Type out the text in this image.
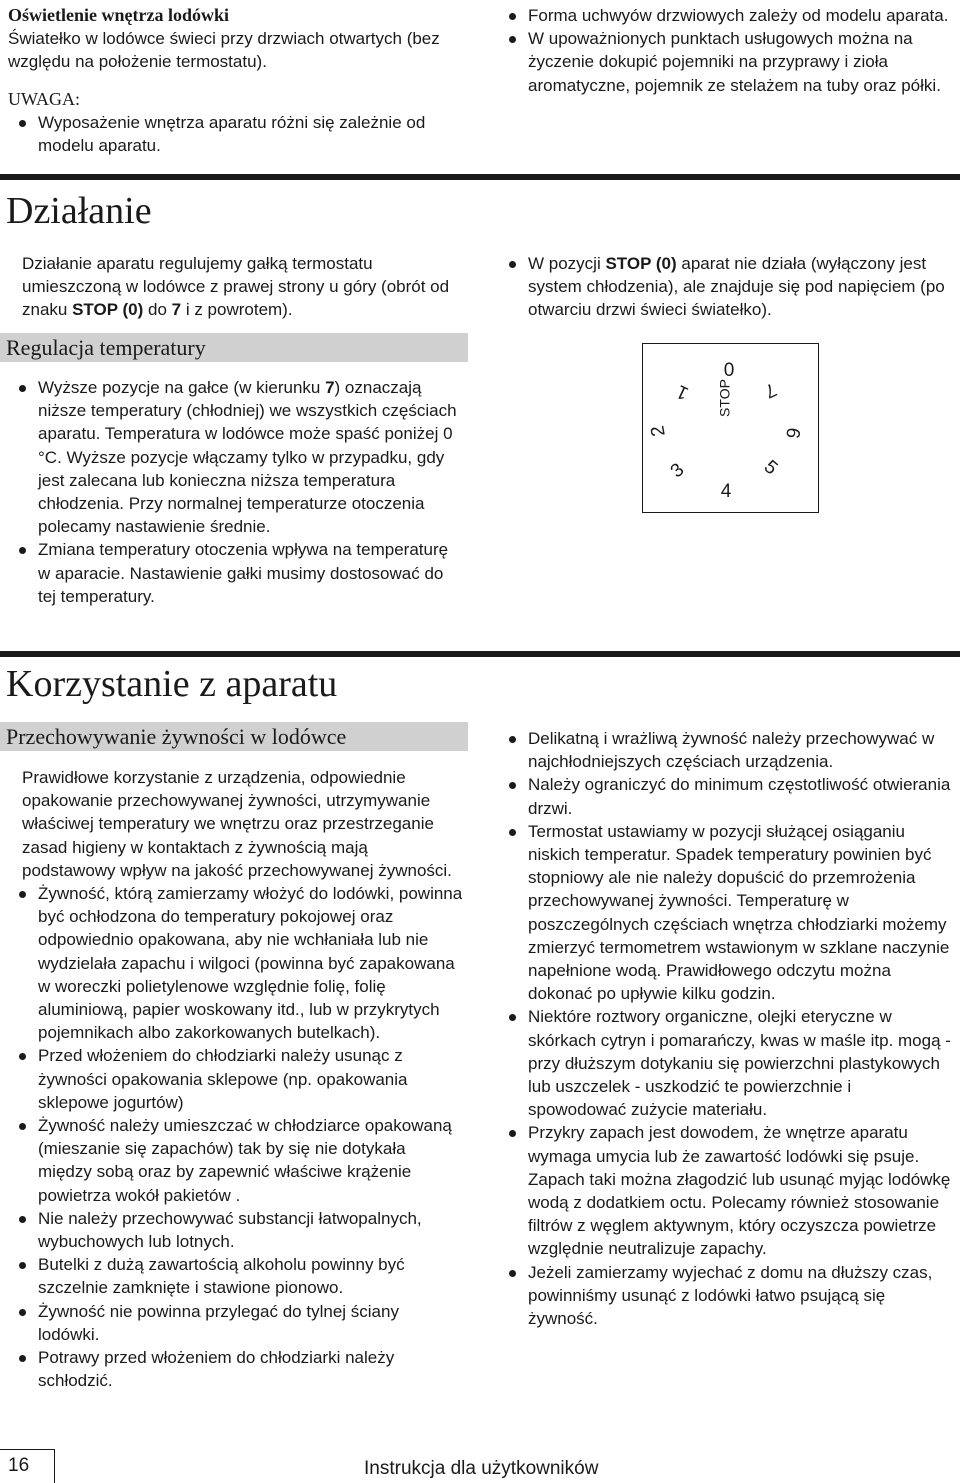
Oświetlenie wnętrza lodówki

Światełko w lodówce świeci przy drzwiach otwartych (bez względu na położenie termostatu).

UWAGA:
Wyposażenie wnętrza aparatu różni się zależnie od modelu aparatu.
Forma uchwyów drzwiowych zależy od modelu aparata.
W upoważnionych punktach usługowych można na życzenie dokupić pojemniki na przyprawy i zioła aromatyczne, pojemnik ze stelażem na tuby oraz półki.
Działanie

Działanie aparatu regulujemy gałką termostatu umieszczoną w lodówce z prawej strony u góry (obrót od znaku STOP (0) do 7 i z powrotem).

W pozycji STOP (0) aparat nie działa (wyłączony jest system chłodzenia), ale znajduje się pod napięciem (po otwarciu drzwi świeci światełko).
Regulacja temperatury
Wyższe pozycje na gałce (w kierunku 7) oznaczają niższe temperatury (chłodniej) we wszystkich częściach aparatu. Temperatura w lodówce może spaść poniżej 0 °C. Wyższe pozycje włączamy tylko w przypadku, gdy jest zalecana lub konieczna niższa temperatura chłodzenia. Przy normalnej temperaturze otoczenia polecamy nastawienie średnie.
Zmiana temperatury otoczenia wpływa na temperaturę w aparacie. Nastawienie gałki musimy dostosować do tej temperatury.
0
STOP 7
6
5
4
3
2
1
Korzystanie z aparatu
Przechowywanie żywności w lodówce

Prawidłowe korzystanie z urządzenia, odpowiednie opakowanie przechowywanej żywności, utrzymywanie właściwej temperatury we wnętrzu oraz przestrzeganie zasad higieny w kontaktach z żywnością mają podstawowy wpływ na jakość przechowywanej żywności.

Żywność, którą zamierzamy włożyć do lodówki, powinna być ochłodzona do temperatury pokojowej oraz odpowiednio opakowana, aby nie wchłaniała lub nie wydzielała zapachu i wilgoci (powinna być zapakowana w woreczki polietylenowe względnie folię, folię aluminiową, papier woskowany itd., lub w przykrytych pojemnikach albo zakorkowanych butelkach).
Przed włożeniem do chłodziarki należy usunąc z żywności opakowania sklepowe (np. opakowania sklepowe jogurtów)
Żywność należy umieszczać w chłodziarce opakowaną (mieszanie się zapachów) tak by się nie dotykała między sobą oraz by zapewnić właściwe krążenie powietrza wokół pakietów .
Nie należy przechowywać substancji łatwopalnych, wybuchowych lub lotnych.
Butelki z dużą zawartością alkoholu powinny być szczelnie zamknięte i stawione pionowo.
Żywność nie powinna przylegać do tylnej ściany lodówki.
Potrawy przed włożeniem do chłodziarki należy schłodzić.
Delikatną i wrażliwą żywność należy przechowywać w najchłodniejszych częściach urządzenia.
Należy ograniczyć do minimum częstotliwość otwierania drzwi.
Termostat ustawiamy w pozycji służącej osiąganiu niskich temperatur. Spadek temperatury powinien być stopniowy ale nie należy dopuścić do przemrożenia przechowywanej żywności. Temperaturę w poszczególnych częściach wnętrza chłodziarki możemy zmierzyć termometrem wstawionym w szklane naczynie napełnione wodą. Prawidłowego odczytu można dokonać po upływie kilku godzin.
Niektóre roztwory organiczne, olejki eteryczne w skórkach cytryn i pomarańczy, kwas w maśle itp. mogą - przy dłuższym dotykaniu się powierzchni plastykowych lub uszczelek - uszkodzić te powierzchnie i spowodować zużycie materiału.
Przykry zapach jest dowodem, że wnętrze aparatu wymaga umycia lub że zawartość lodówki się psuje. Zapach taki można złagodzić lub usunąć myjąc lodówkę wodą z dodatkiem octu. Polecamy również stosowanie filtrów z węglem aktywnym, który oczyszcza powietrze względnie neutralizuje zapachy.
Jeżeli zamierzamy wyjechać z domu na dłuższy czas, powinniśmy usunąć z lodówki łatwo psującą się żywność.
16	Instrukcja dla użytkowników
